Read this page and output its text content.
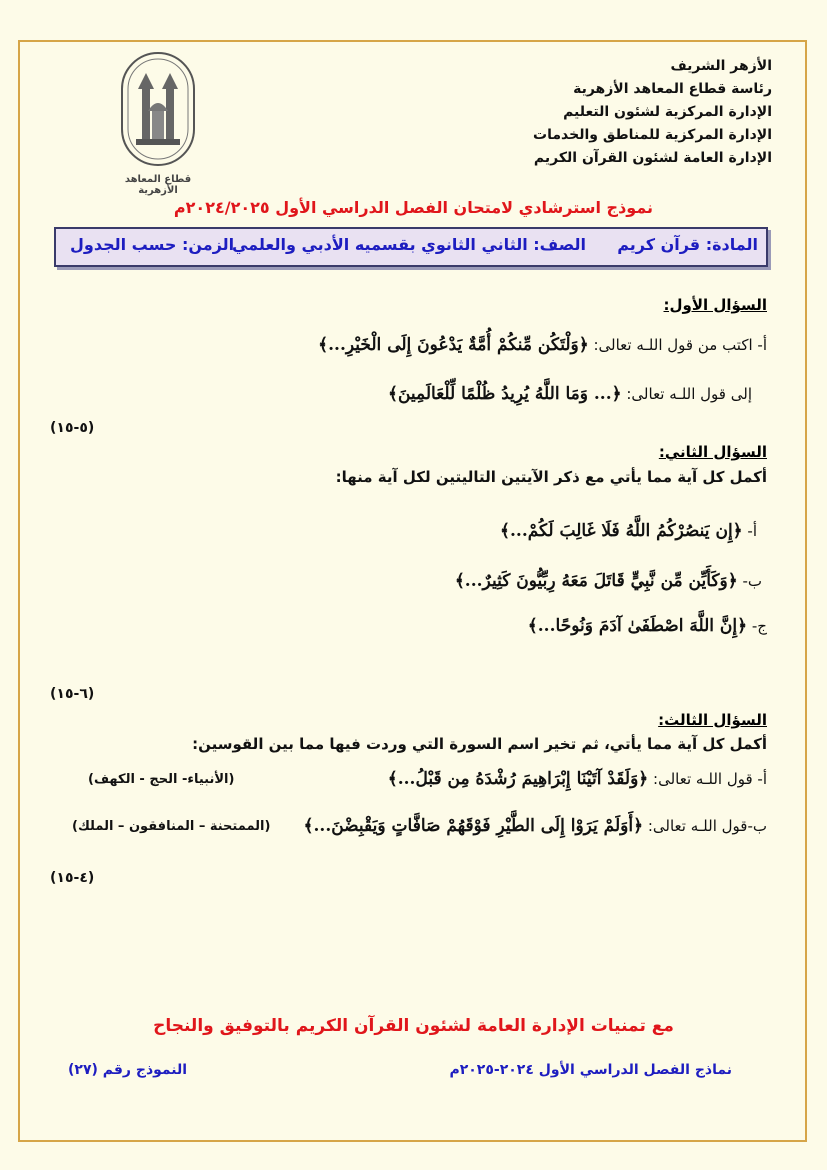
الأزهر الشريف
رئاسة قطاع المعاهد الأزهرية
الإدارة المركزية لشئون التعليم
الإدارة المركزية للمناطق والخدمات
الإدارة العامة لشئون القرآن الكريم
قطاع المعاهد الأزهرية
نموذج استرشادي لامتحان الفصل الدراسي الأول ٢٠٢٤/٢٠٢٥م
المادة: قرآن كريم
الصف: الثاني الثانوي بقسميه الأدبي والعلمي
الزمن: حسب الجدول
السؤال الأول:
أ- اكتب من قول اللـه تعالى: ﴿وَلْتَكُن مِّنكُمْ أُمَّةٌ يَدْعُونَ إِلَى الْخَيْرِ...﴾
إلى قول اللـه تعالى: ﴿... وَمَا اللَّهُ يُرِيدُ ظُلْمًا لِّلْعَالَمِينَ﴾
(٥-١٥)
السؤال الثاني:
أكمل كل آية مما يأتي مع ذكر الآيتين التاليتين لكل آية منها:
أ- ﴿إِن يَنصُرْكُمُ اللَّهُ فَلَا غَالِبَ لَكُمْ...﴾
ب- ﴿وَكَأَيِّن مِّن نَّبِيٍّ قَاتَلَ مَعَهُ رِبِّيُّونَ كَثِيرٌ...﴾
ج- ﴿إِنَّ اللَّهَ اصْطَفَىٰ آدَمَ وَنُوحًا...﴾
(٦-١٥)
السؤال الثالث:
أكمل كل آية مما يأتي، ثم تخير اسم السورة التي وردت فيها مما بين القوسين:
أ- قول اللـه تعالى: ﴿وَلَقَدْ آتَيْنَا إِبْرَاهِيمَ رُشْدَهُ مِن قَبْلُ...﴾
(الأنبياء- الحج - الكهف)
ب-قول اللـه تعالى: ﴿أَوَلَمْ يَرَوْا إِلَى الطَّيْرِ فَوْقَهُمْ صَافَّاتٍ وَيَقْبِضْنَ...﴾
(الممتحنة – المنافقون – الملك)
(٤-١٥)
مع تمنيات الإدارة العامة لشئون القرآن الكريم بالتوفيق والنجاح
نماذج الفصل الدراسي الأول ٢٠٢٤-٢٠٢٥م
النموذج رقم (٢٧)
